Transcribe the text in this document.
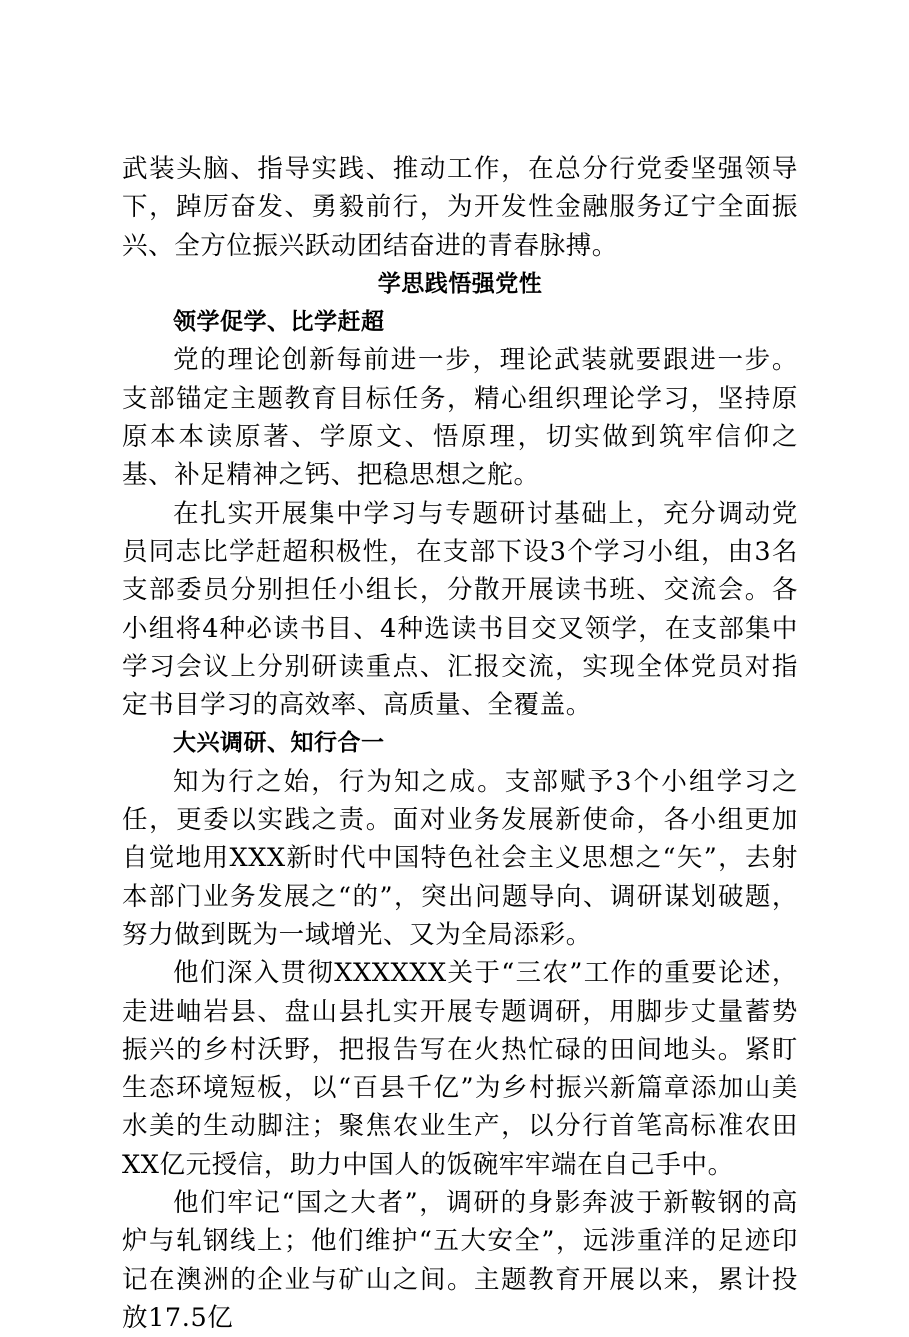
武装头脑、指导实践、推动工作，在总分行党委坚强领导下，踔厉奋发、勇毅前行，为开发性金融服务辽宁全面振兴、全方位振兴跃动团结奋进的青春脉搏。

学思践悟强党性

领学促学、比学赶超

党的理论创新每前进一步，理论武装就要跟进一步。支部锚定主题教育目标任务，精心组织理论学习，坚持原原本本读原著、学原文、悟原理，切实做到筑牢信仰之基、补足精神之钙、把稳思想之舵。

在扎实开展集中学习与专题研讨基础上，充分调动党员同志比学赶超积极性，在支部下设3个学习小组，由3名支部委员分别担任小组长，分散开展读书班、交流会。各小组将4种必读书目、4种选读书目交叉领学，在支部集中学习会议上分别研读重点、汇报交流，实现全体党员对指定书目学习的高效率、高质量、全覆盖。

大兴调研、知行合一

知为行之始，行为知之成。支部赋予3个小组学习之任，更委以实践之责。面对业务发展新使命，各小组更加自觉地用XXX新时代中国特色社会主义思想之“矢”，去射本部门业务发展之“的”，突出问题导向、调研谋划破题，努力做到既为一域增光、又为全局添彩。

他们深入贯彻XXXXXX关于“三农”工作的重要论述，走进岫岩县、盘山县扎实开展专题调研，用脚步丈量蓄势振兴的乡村沃野，把报告写在火热忙碌的田间地头。紧盯生态环境短板，以“百县千亿”为乡村振兴新篇章添加山美水美的生动脚注；聚焦农业生产，以分行首笔高标准农田XX亿元授信，助力中国人的饭碗牢牢端在自己手中。

他们牢记“国之大者”，调研的身影奔波于新鞍钢的高炉与轧钢线上；他们维护“五大安全”，远涉重洋的足迹印记在澳洲的企业与矿山之间。主题教育开展以来，累计投放17.5亿
